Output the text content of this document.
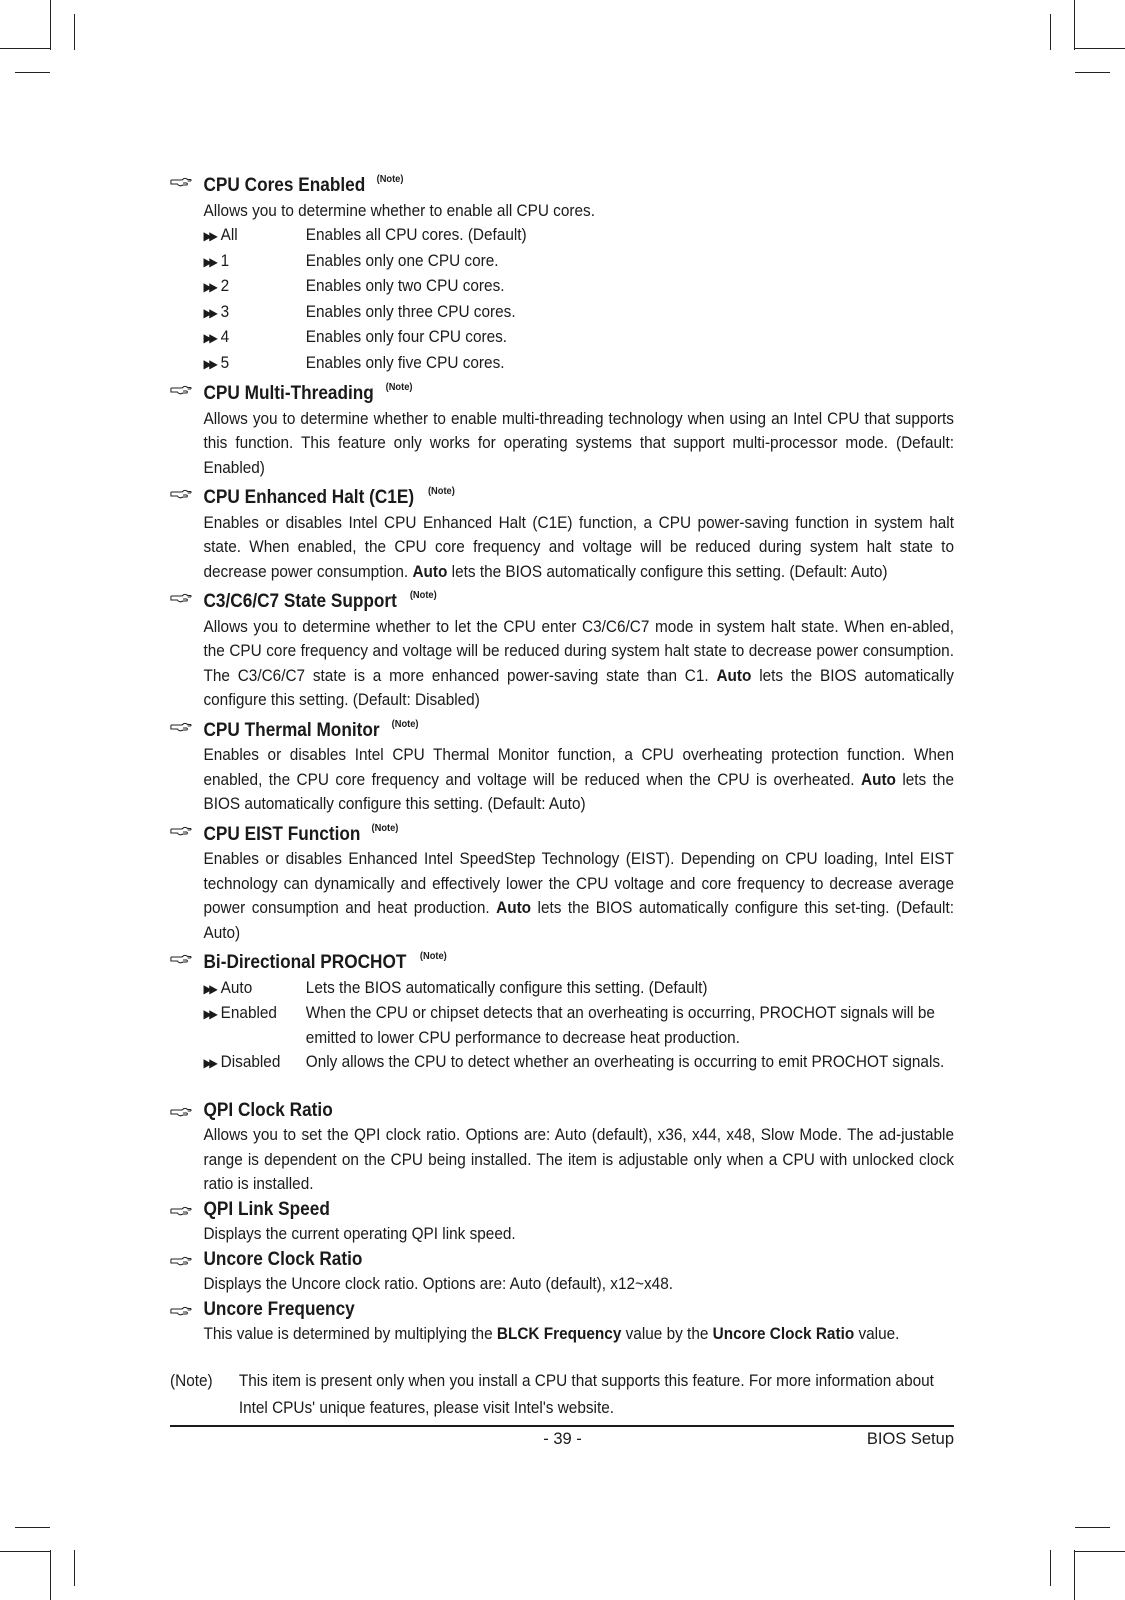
CPU Cores Enabled $^{(Note)}$
Allows you to determine whether to enable all CPU cores.
▶▶ All	Enables all CPU cores. (Default)
▶▶ 1	Enables only one CPU core.
▶▶ 2	Enables only two CPU cores.
▶▶ 3	Enables only three CPU cores.
▶▶ 4	Enables only four CPU cores.
▶▶ 5	Enables only five CPU cores.
CPU Multi-Threading $^{(Note)}$
Allows you to determine whether to enable multi-threading technology when using an Intel CPU that supports this function. This feature only works for operating systems that support multi-processor mode. (Default: Enabled)
CPU Enhanced Halt (C1E) $^{(Note)}$
Enables or disables Intel CPU Enhanced Halt (C1E) function, a CPU power-saving function in system halt state. When enabled, the CPU core frequency and voltage will be reduced during system halt state to decrease power consumption. Auto lets the BIOS automatically configure this setting. (Default: Auto)
C3/C6/C7 State Support $^{(Note)}$
Allows you to determine whether to let the CPU enter C3/C6/C7 mode in system halt state. When en-abled, the CPU core frequency and voltage will be reduced during system halt state to decrease power consumption. The C3/C6/C7 state is a more enhanced power-saving state than C1. Auto lets the BIOS automatically configure this setting. (Default: Disabled)
CPU Thermal Monitor $^{(Note)}$
Enables or disables Intel CPU Thermal Monitor function, a CPU overheating protection function. When enabled, the CPU core frequency and voltage will be reduced when the CPU is overheated. Auto lets the BIOS automatically configure this setting. (Default: Auto)
CPU EIST Function $^{(Note)}$
Enables or disables Enhanced Intel SpeedStep Technology (EIST). Depending on CPU loading, Intel EIST technology can dynamically and effectively lower the CPU voltage and core frequency to decrease average power consumption and heat production. Auto lets the BIOS automatically configure this set-ting. (Default: Auto)
Bi-Directional PROCHOT $^{(Note)}$
▶▶ Auto	Lets the BIOS automatically configure this setting. (Default)
▶▶ Enabled	When the CPU or chipset detects that an overheating is occurring, PROCHOT signals will be emitted to lower CPU performance to decrease heat production.
▶▶ Disabled	Only allows the CPU to detect whether an overheating is occurring to emit PROCHOT signals.
QPI Clock Ratio
Allows you to set the QPI clock ratio. Options are: Auto (default), x36, x44, x48, Slow Mode. The ad-justable range is dependent on the CPU being installed. The item is adjustable only when a CPU with unlocked clock ratio is installed.
QPI Link Speed
Displays the current operating QPI link speed.
Uncore Clock Ratio
Displays the Uncore clock ratio. Options are: Auto (default), x12~x48.
Uncore Frequency
This value is determined by multiplying the BLCK Frequency value by the Uncore Clock Ratio value.
(Note)	This item is present only when you install a CPU that supports this feature. For more information about Intel CPUs' unique features, please visit Intel's website.
- 39 -	BIOS Setup
